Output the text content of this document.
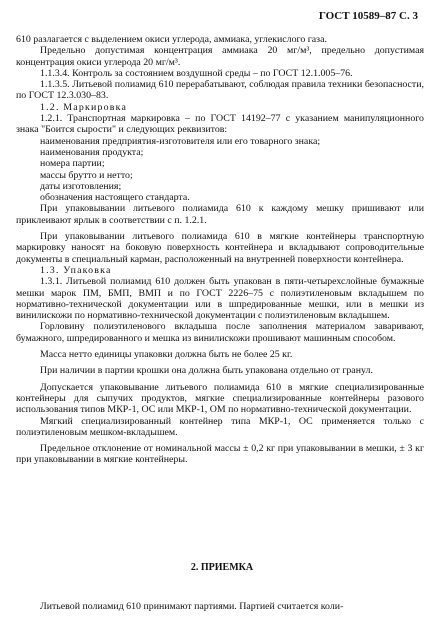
ГОСТ 10589–87 С. 3

610 разлагается с выделением окиси углерода, аммиака, углекислого газа.

Предельно допустимая концентрация аммиака 20 мг/м³, предельно допустимая концентрация окиси углерода 20 мг/м³.

1.1.3.4. Контроль за состоянием воздушной среды – по ГОСТ 12.1.005–76.

1.1.3.5. Литьевой полиамид 610 перерабатывают, соблюдая правила техники безопасности, по ГОСТ 12.3.030–83.

1.2. Маркировка

1.2.1. Транспортная маркировка – по ГОСТ 14192–77 с указанием манипуляционного знака "Боится сырости" и следующих реквизитов:

наименования предприятия-изготовителя или его товарного знака;

наименования продукта;

номера партии;

массы брутто и нетто;

даты изготовления;

обозначения настоящего стандарта.

При упаковывании литьевого полиамида 610 к каждому мешку пришивают или приклеивают ярлык в соответствии с п. 1.2.1.

При упаковывании литьевого полиамида 610 в мягкие контейнеры транспортную маркировку наносят на боковую поверхность контейнера и вкладывают сопроводительные документы в специальный карман, расположенный на внутренней поверхности контейнера.

1.3. Упаковка

1.3.1. Литьевой полиамид 610 должен быть упакован в пяти-четырехслойные бумажные мешки марок ПМ, БМП, ВМП и по ГОСТ 2226–75 с полиэтиленовым вкладышем по нормативно-технической документации или в шпредированные мешки, или в мешки из винилискожи по нормативно-технической документации с полиэтиленовым вкладышем.

Горловину полиэтиленового вкладыша после заполнения материалом заваривают, бумажного, шпредированного и мешка из винилискожи прошивают машинным способом.

Масса нетто единицы упаковки должна быть не более 25 кг.

При наличии в партии крошки она должна быть упакована отдельно от гранул.

Допускается упаковывание литьевого полиамида 610 в мягкие специализированные контейнеры для сыпучих продуктов, мягкие специализированные контейнеры разового использования типов МКР-1, ОС или МКР-1, ОМ по нормативно-технической документации.

Мягкий специализированный контейнер типа МКР-1, ОС применяется только с полиэтиленовым мешком-вкладышем.

Предельное отклонение от номинальной массы ± 0,2 кг при упаковывании в мешки, ± 3 кг при упаковывании в мягкие контейнеры.

2. ПРИЕМКА
Литьевой полиамид 610 принимают партиями. Партией считается коли-
